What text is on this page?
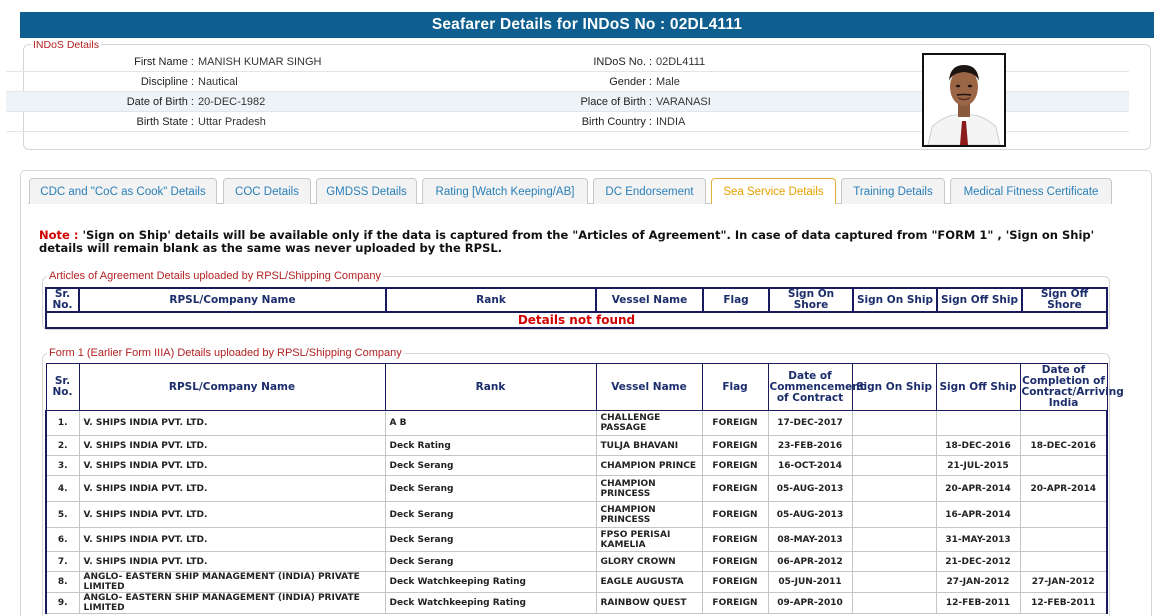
Seafarer Details for INDoS No : 02DL4111
INDoS Details
First Name : MANISH KUMAR SINGH	INDoS No. : 02DL4111
Discipline : Nautical	Gender : Male
Date of Birth : 20-DEC-1982	Place of Birth : VARANASI
Birth State : Uttar Pradesh	Birth Country : INDIA
CDC and "CoC as Cook" Details	COC Details	GMDSS Details	Rating [Watch Keeping/AB]	DC Endorsement	Sea Service Details	Training Details	Medical Fitness Certificate
Note : 'Sign on Ship' details will be available only if the data is captured from the "Articles of Agreement". In case of data captured from "FORM 1" , 'Sign on Ship' details will remain blank as the same was never uploaded by the RPSL.
Articles of Agreement Details uploaded by RPSL/Shipping Company
Sr. No.	RPSL/Company Name	Rank	Vessel Name	Flag	Sign On Shore	Sign On Ship	Sign Off Ship	Sign Off Shore
Details not found
Form 1 (Earlier Form IIIA) Details uploaded by RPSL/Shipping Company
Sr. No.	RPSL/Company Name	Rank	Vessel Name	Flag	Date of Commencement of Contract	Sign On Ship	Sign Off Ship	Date of Completion of Contract/Arriving India
1.	V. SHIPS INDIA PVT. LTD.	A B	CHALLENGE PASSAGE	FOREIGN	17-DEC-2017			
2.	V. SHIPS INDIA PVT. LTD.	Deck Rating	TULJA BHAVANI	FOREIGN	23-FEB-2016		18-DEC-2016	18-DEC-2016
3.	V. SHIPS INDIA PVT. LTD.	Deck Serang	CHAMPION PRINCE	FOREIGN	16-OCT-2014		21-JUL-2015	
4.	V. SHIPS INDIA PVT. LTD.	Deck Serang	CHAMPION PRINCESS	FOREIGN	05-AUG-2013		20-APR-2014	20-APR-2014
5.	V. SHIPS INDIA PVT. LTD.	Deck Serang	CHAMPION PRINCESS	FOREIGN	05-AUG-2013		16-APR-2014	
6.	V. SHIPS INDIA PVT. LTD.	Deck Serang	FPSO PERISAI KAMELIA	FOREIGN	08-MAY-2013		31-MAY-2013	
7.	V. SHIPS INDIA PVT. LTD.	Deck Serang	GLORY CROWN	FOREIGN	06-APR-2012		21-DEC-2012	
8.	ANGLO- EASTERN SHIP MANAGEMENT (INDIA) PRIVATE LIMITED	Deck Watchkeeping Rating	EAGLE AUGUSTA	FOREIGN	05-JUN-2011		27-JAN-2012	27-JAN-2012
9.	ANGLO- EASTERN SHIP MANAGEMENT (INDIA) PRIVATE LIMITED	Deck Watchkeeping Rating	RAINBOW QUEST	FOREIGN	09-APR-2010		12-FEB-2011	12-FEB-2011
